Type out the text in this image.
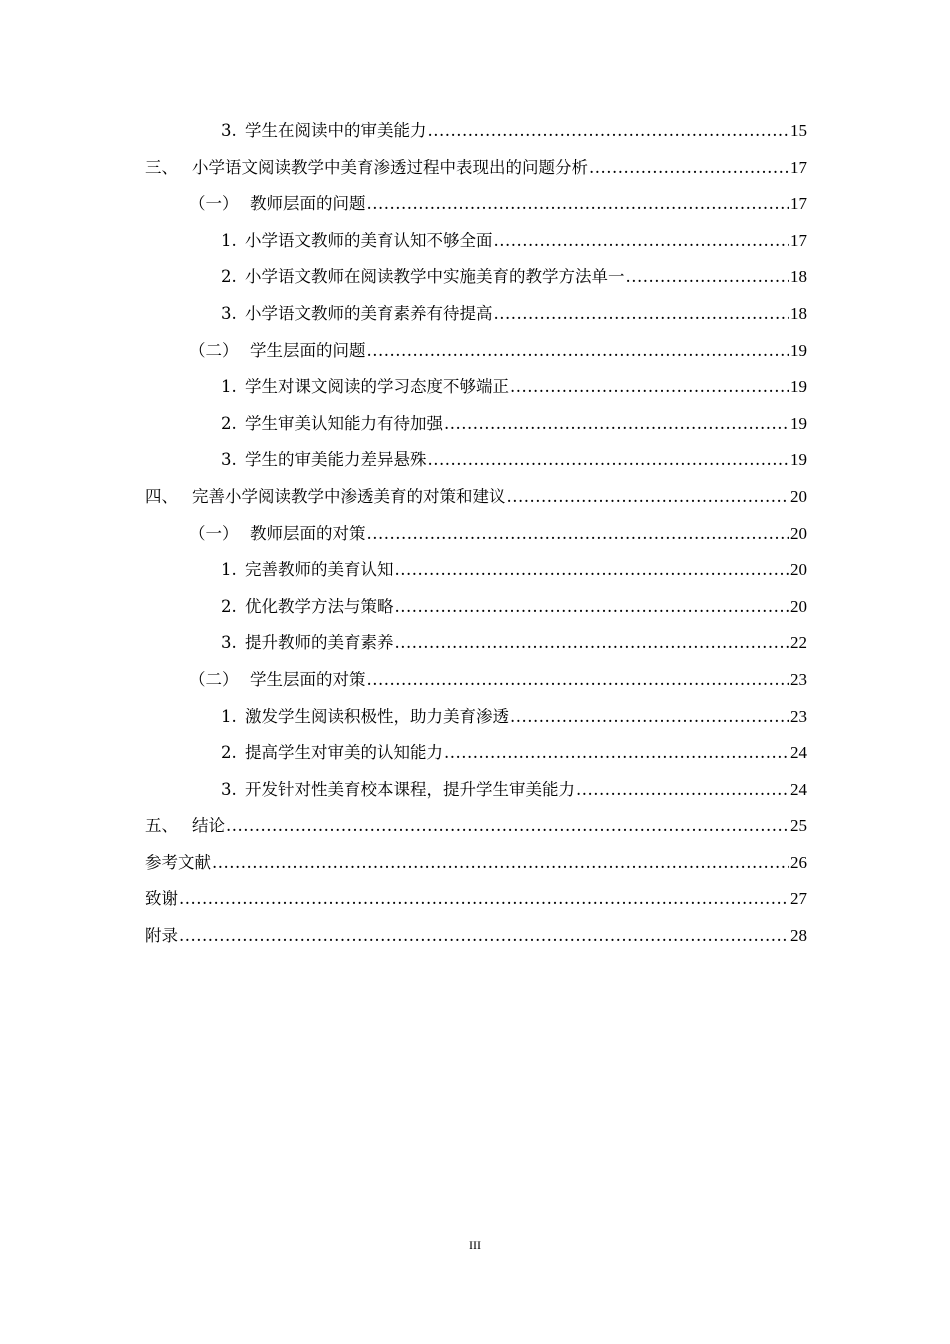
3. 学生在阅读中的审美能力 .....	15
三、 小学语文阅读教学中美育渗透过程中表现出的问题分析 .....	17
（一） 教师层面的问题 .....	17
1. 小学语文教师的美育认知不够全面 .....	17
2. 小学语文教师在阅读教学中实施美育的教学方法单一 .....	18
3. 小学语文教师的美育素养有待提高 .....	18
（二） 学生层面的问题 .....	19
1. 学生对课文阅读的学习态度不够端正 .....	19
2. 学生审美认知能力有待加强 .....	19
3. 学生的审美能力差异悬殊 .....	19
四、 完善小学阅读教学中渗透美育的对策和建议 .....	20
（一） 教师层面的对策 .....	20
1. 完善教师的美育认知 .....	20
2. 优化教学方法与策略 .....	20
3. 提升教师的美育素养 .....	22
（二） 学生层面的对策 .....	23
1. 激发学生阅读积极性，助力美育渗透 .....	23
2. 提高学生对审美的认知能力 .....	24
3. 开发针对性美育校本课程，提升学生审美能力 .....	24
五、 结论 .....	25
参考文献 .....	26
致谢 .....	27
附录 .....	28
III
